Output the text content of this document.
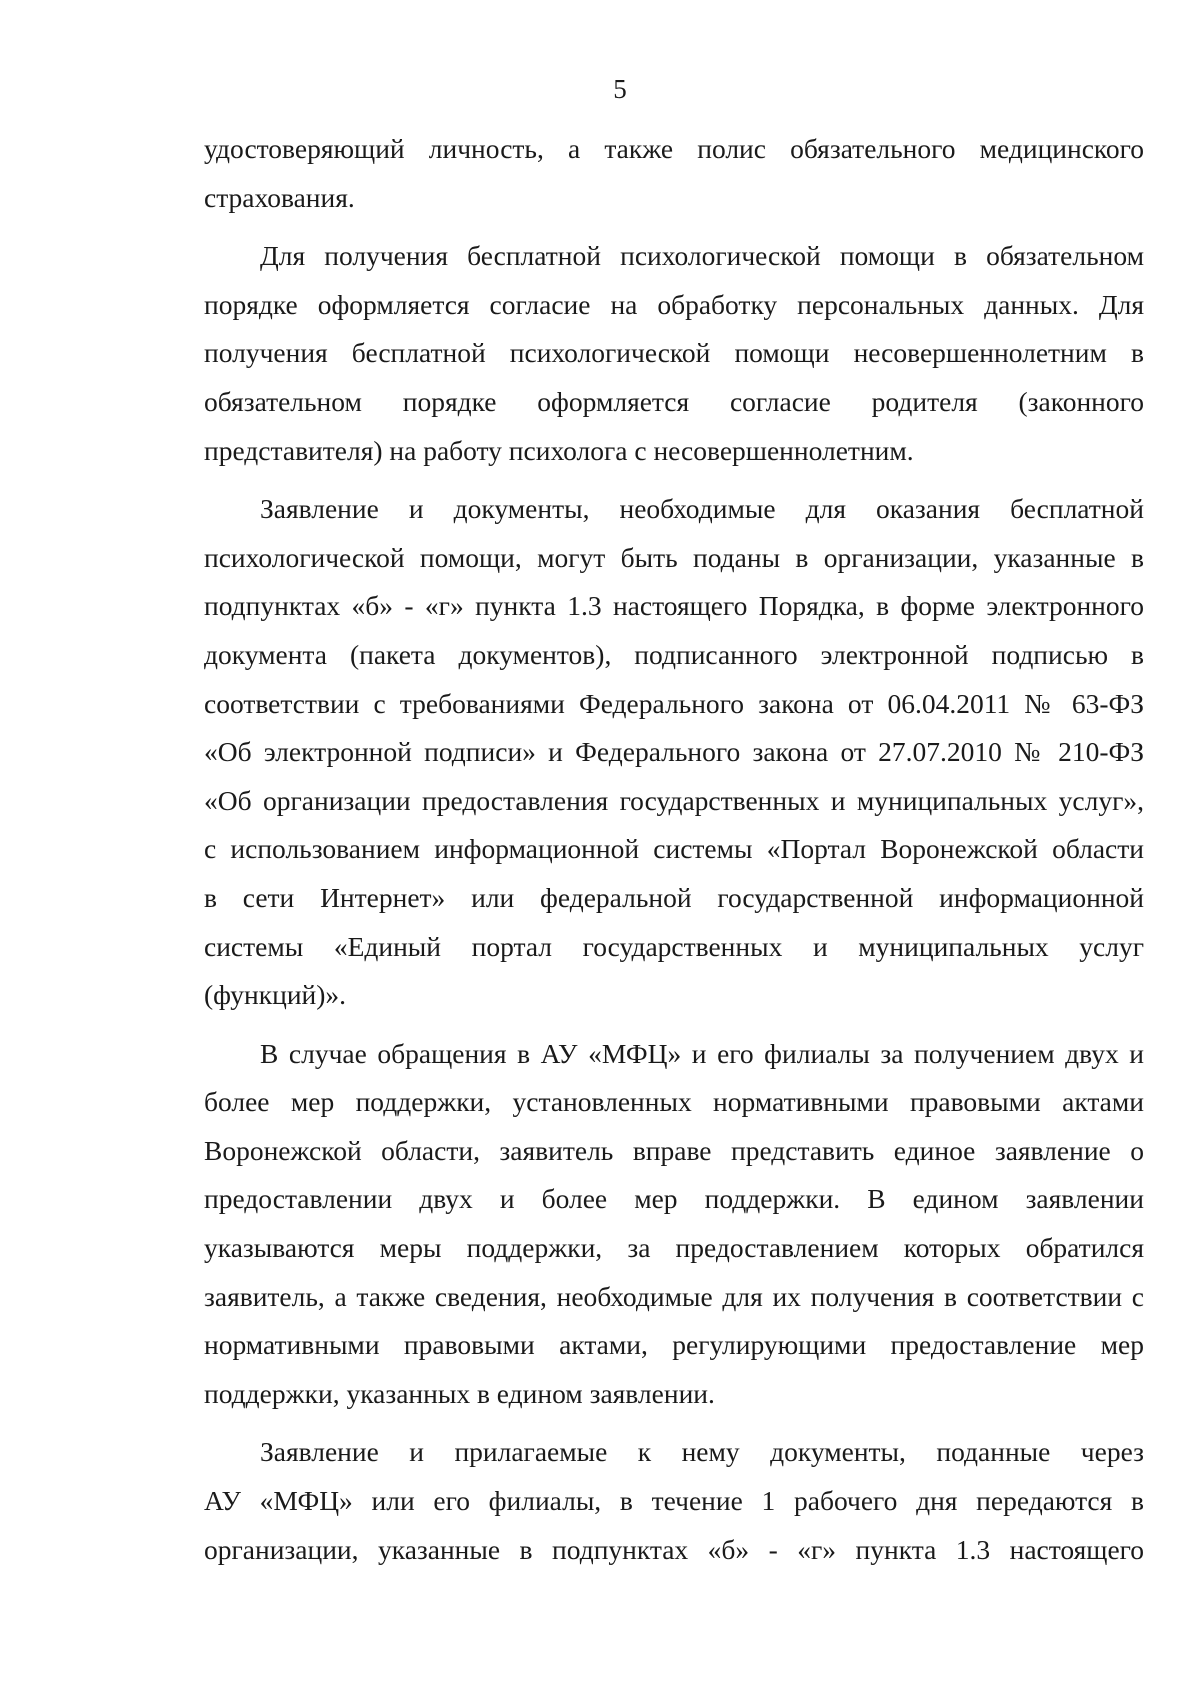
5
удостоверяющий личность, а также полис обязательного медицинского
страхования.
Для получения бесплатной психологической помощи в обязательном
порядке оформляется согласие на обработку персональных данных. Для
получения бесплатной психологической помощи несовершеннолетним в
обязательном порядке оформляется согласие родителя (законного
представителя) на работу психолога с несовершеннолетним.
Заявление и документы, необходимые для оказания бесплатной
психологической помощи, могут быть поданы в организации, указанные в
подпунктах «б» - «г» пункта 1.3 настоящего Порядка, в форме электронного
документа (пакета документов), подписанного электронной подписью в
соответствии с требованиями Федерального закона от 06.04.2011 № 63-ФЗ
«Об электронной подписи» и Федерального закона от 27.07.2010 № 210-ФЗ
«Об организации предоставления государственных и муниципальных услуг»,
с использованием информационной системы «Портал Воронежской области
в сети Интернет» или федеральной государственной информационной
системы «Единый портал государственных и муниципальных услуг
(функций)».
В случае обращения в АУ «МФЦ» и его филиалы за получением двух и
более мер поддержки, установленных нормативными правовыми актами
Воронежской области, заявитель вправе представить единое заявление о
предоставлении двух и более мер поддержки. В едином заявлении
указываются меры поддержки, за предоставлением которых обратился
заявитель, а также сведения, необходимые для их получения в соответствии с
нормативными правовыми актами, регулирующими предоставление мер
поддержки, указанных в едином заявлении.
Заявление и прилагаемые к нему документы, поданные через
АУ «МФЦ» или его филиалы, в течение 1 рабочего дня передаются в
организации, указанные в подпунктах «б» - «г» пункта 1.3 настоящего
